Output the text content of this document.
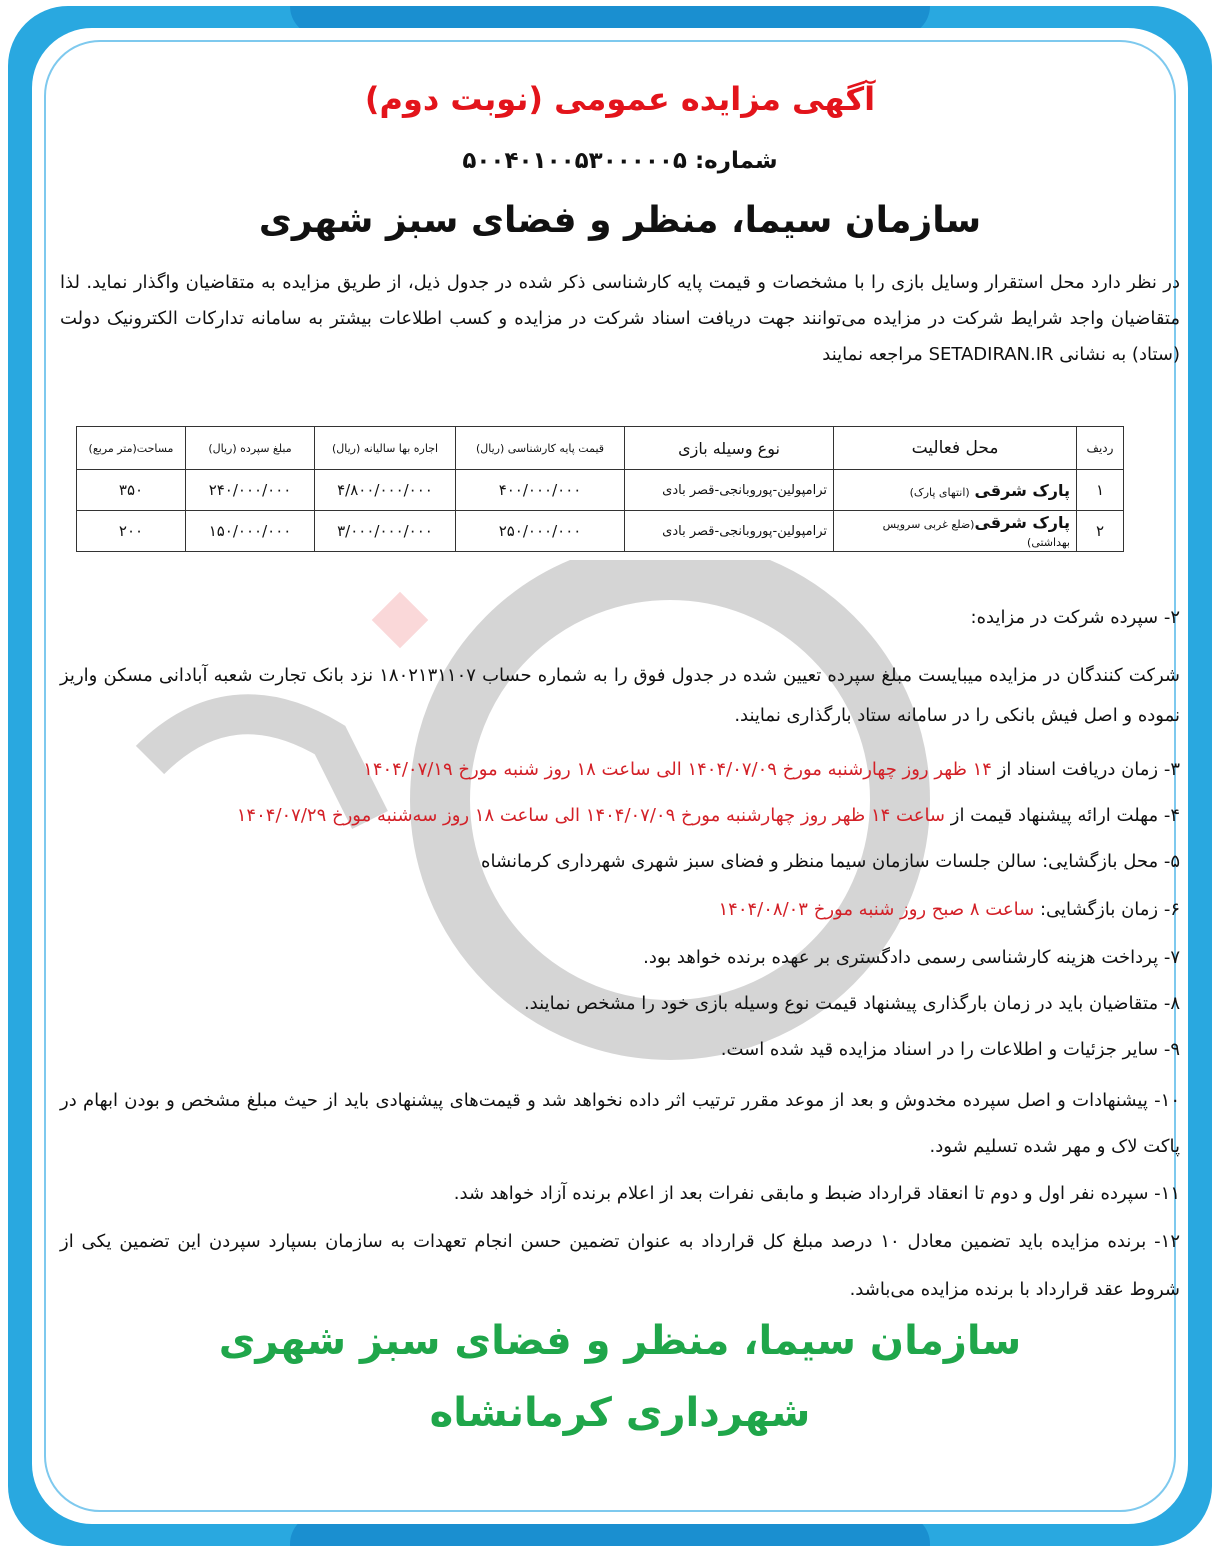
آگهی مزایده عمومی (نوبت دوم)
شماره: ۵۰۰۴۰۱۰۰۵۳۰۰۰۰۰۵
سازمان سیما، منظر و فضای سبز شهری
در نظر دارد محل استقرار وسایل بازی را با مشخصات و قیمت پایه کارشناسی ذکر شده در جدول ذیل، از طریق مزایده به متقاضیان واگذار نماید. لذا متقاضیان واجد شرایط شرکت در مزایده می‌توانند جهت دریافت اسناد شرکت در مزایده و کسب اطلاعات بیشتر به سامانه تدارکات الکترونیک دولت (ستاد) به نشانی SETADIRAN.IR مراجعه نمایند
ردیف	محل فعالیت	نوع وسیله بازی	قیمت پایه کارشناسی (ریال)	اجاره بها سالیانه (ریال)	مبلغ سپرده (ریال)	مساحت(متر مربع)
۱	پارک شرقی (انتهای پارک)	ترامپولین-پوروبانجی-قصر بادی	۴۰۰/۰۰۰/۰۰۰	۴/۸۰۰/۰۰۰/۰۰۰	۲۴۰/۰۰۰/۰۰۰	۳۵۰
۲	پارک شرقی(ضلع غربی سرویس بهداشتی)	ترامپولین-پوروبانجی-قصر بادی	۲۵۰/۰۰۰/۰۰۰	۳/۰۰۰/۰۰۰/۰۰۰	۱۵۰/۰۰۰/۰۰۰	۲۰۰
۲- سپرده شرکت در مزایده:
شرکت کنندگان در مزایده میبایست مبلغ سپرده تعیین شده در جدول فوق را به شماره حساب ۱۸۰۲۱۳۱۱۰۷ نزد بانک تجارت شعبه آبادانی مسکن واریز نموده و اصل فیش بانکی را در سامانه ستاد بارگذاری نمایند.
۳- زمان دریافت اسناد از ۱۴ ظهر روز چهارشنبه مورخ ۱۴۰۴/۰۷/۰۹ الی ساعت ۱۸ روز شنبه مورخ ۱۴۰۴/۰۷/۱۹
۴- مهلت ارائه پیشنهاد قیمت از ساعت ۱۴ ظهر روز چهارشنبه مورخ ۱۴۰۴/۰۷/۰۹ الی ساعت ۱۸ روز سه‌شنبه مورخ ۱۴۰۴/۰۷/۲۹
۵- محل بازگشایی: سالن جلسات سازمان سیما منظر و فضای سبز شهری شهرداری کرمانشاه
۶- زمان بازگشایی: ساعت ۸ صبح روز شنبه مورخ ۱۴۰۴/۰۸/۰۳
۷- پرداخت هزینه کارشناسی رسمی دادگستری بر عهده برنده خواهد بود.
۸- متقاضیان باید در زمان بارگذاری پیشنهاد قیمت نوع وسیله بازی خود را مشخص نمایند.
۹- سایر جزئیات و اطلاعات را در اسناد مزایده قید شده است.
۱۰- پیشنهادات و اصل سپرده مخدوش و بعد از موعد مقرر ترتیب اثر داده نخواهد شد و قیمت‌های پیشنهادی باید از حیث مبلغ مشخص و بودن ابهام در پاکت لاک و مهر شده تسلیم شود.
۱۱- سپرده نفر اول و دوم تا انعقاد قرارداد ضبط و مابقی نفرات بعد از اعلام برنده آزاد خواهد شد.
۱۲- برنده مزایده باید تضمین معادل ۱۰ درصد مبلغ کل قرارداد به عنوان تضمین حسن انجام تعهدات به سازمان بسپارد سپردن این تضمین یکی از شروط عقد قرارداد با برنده مزایده می‌باشد.
سازمان سیما، منظر و فضای سبز شهری
شهرداری کرمانشاه
